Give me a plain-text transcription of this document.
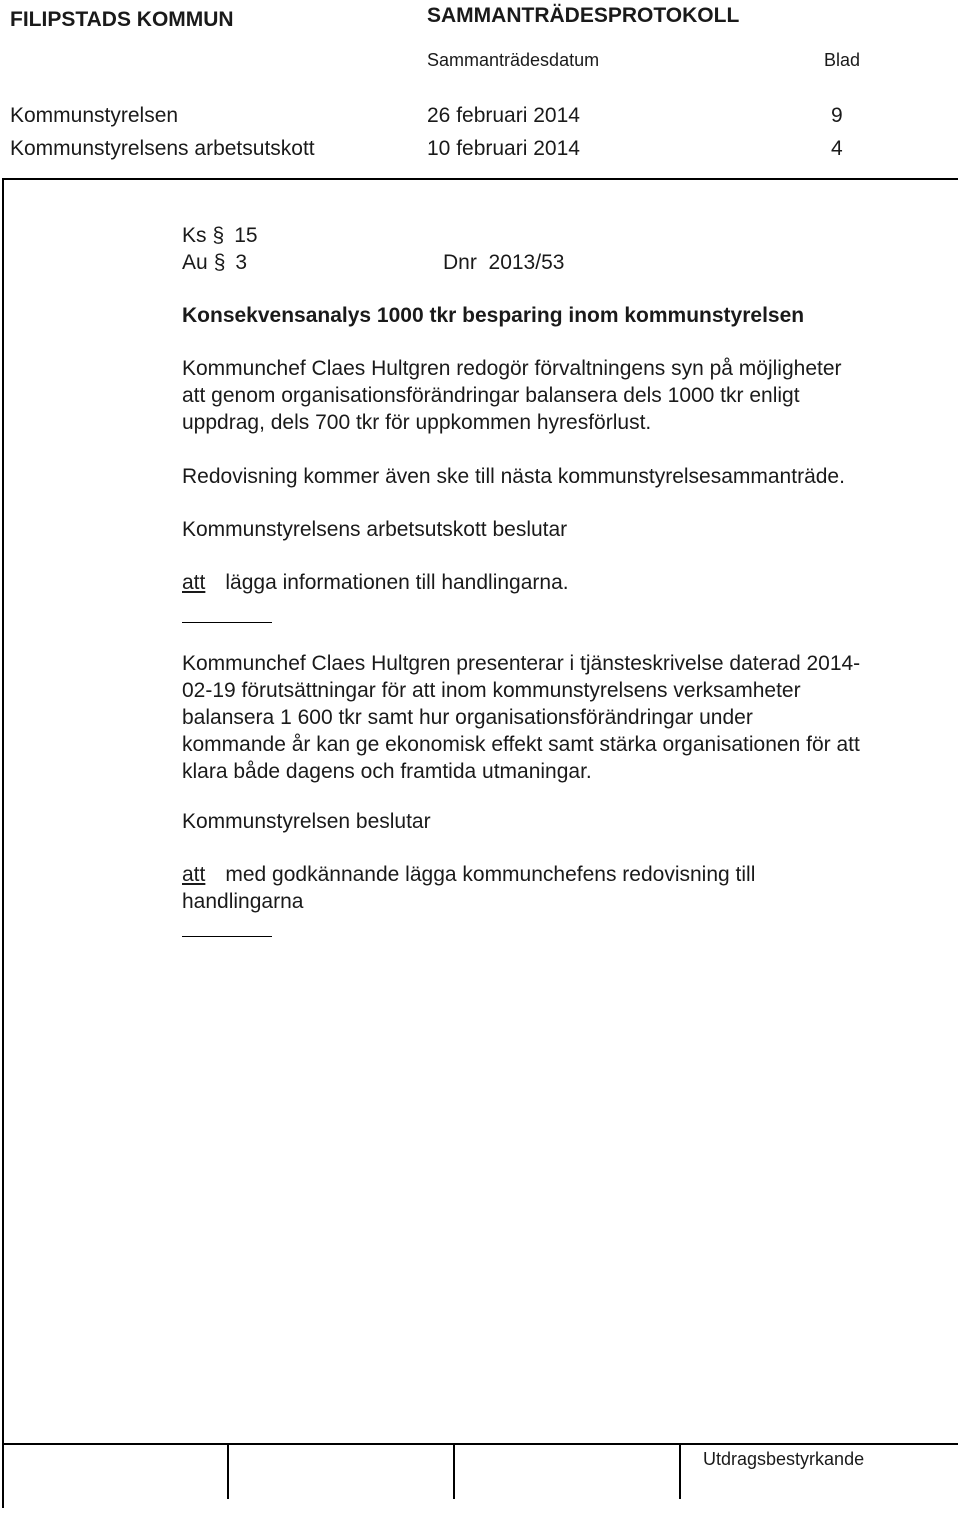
FILIPSTADS KOMMUN	SAMMANTRÄDESPROTOKOLL
Sammanträdesdatum	Blad
Kommunstyrelsen	26 februari 2014	9
Kommunstyrelsens arbetsutskott	10 februari 2014	4
Ks § 15
Au § 3	Dnr 2013/53
Konsekvensanalys 1000 tkr besparing inom kommunstyrelsen
Kommunchef Claes Hultgren redogör förvaltningens syn på möjligheter
att genom organisationsförändringar balansera dels 1000 tkr enligt
uppdrag, dels 700 tkr för uppkommen hyresförlust.
Redovisning kommer även ske till nästa kommunstyrelsesammanträde.
Kommunstyrelsens arbetsutskott beslutar
att lägga informationen till handlingarna.
Kommunchef Claes Hultgren presenterar i tjänsteskrivelse daterad 2014-
02-19 förutsättningar för att inom kommunstyrelsens verksamheter
balansera 1 600 tkr samt hur organisationsförändringar under
kommande år kan ge ekonomisk effekt samt stärka organisationen för att
klara både dagens och framtida utmaningar.
Kommunstyrelsen beslutar
att med godkännande lägga kommunchefens redovisning till
handlingarna
Utdragsbestyrkande
